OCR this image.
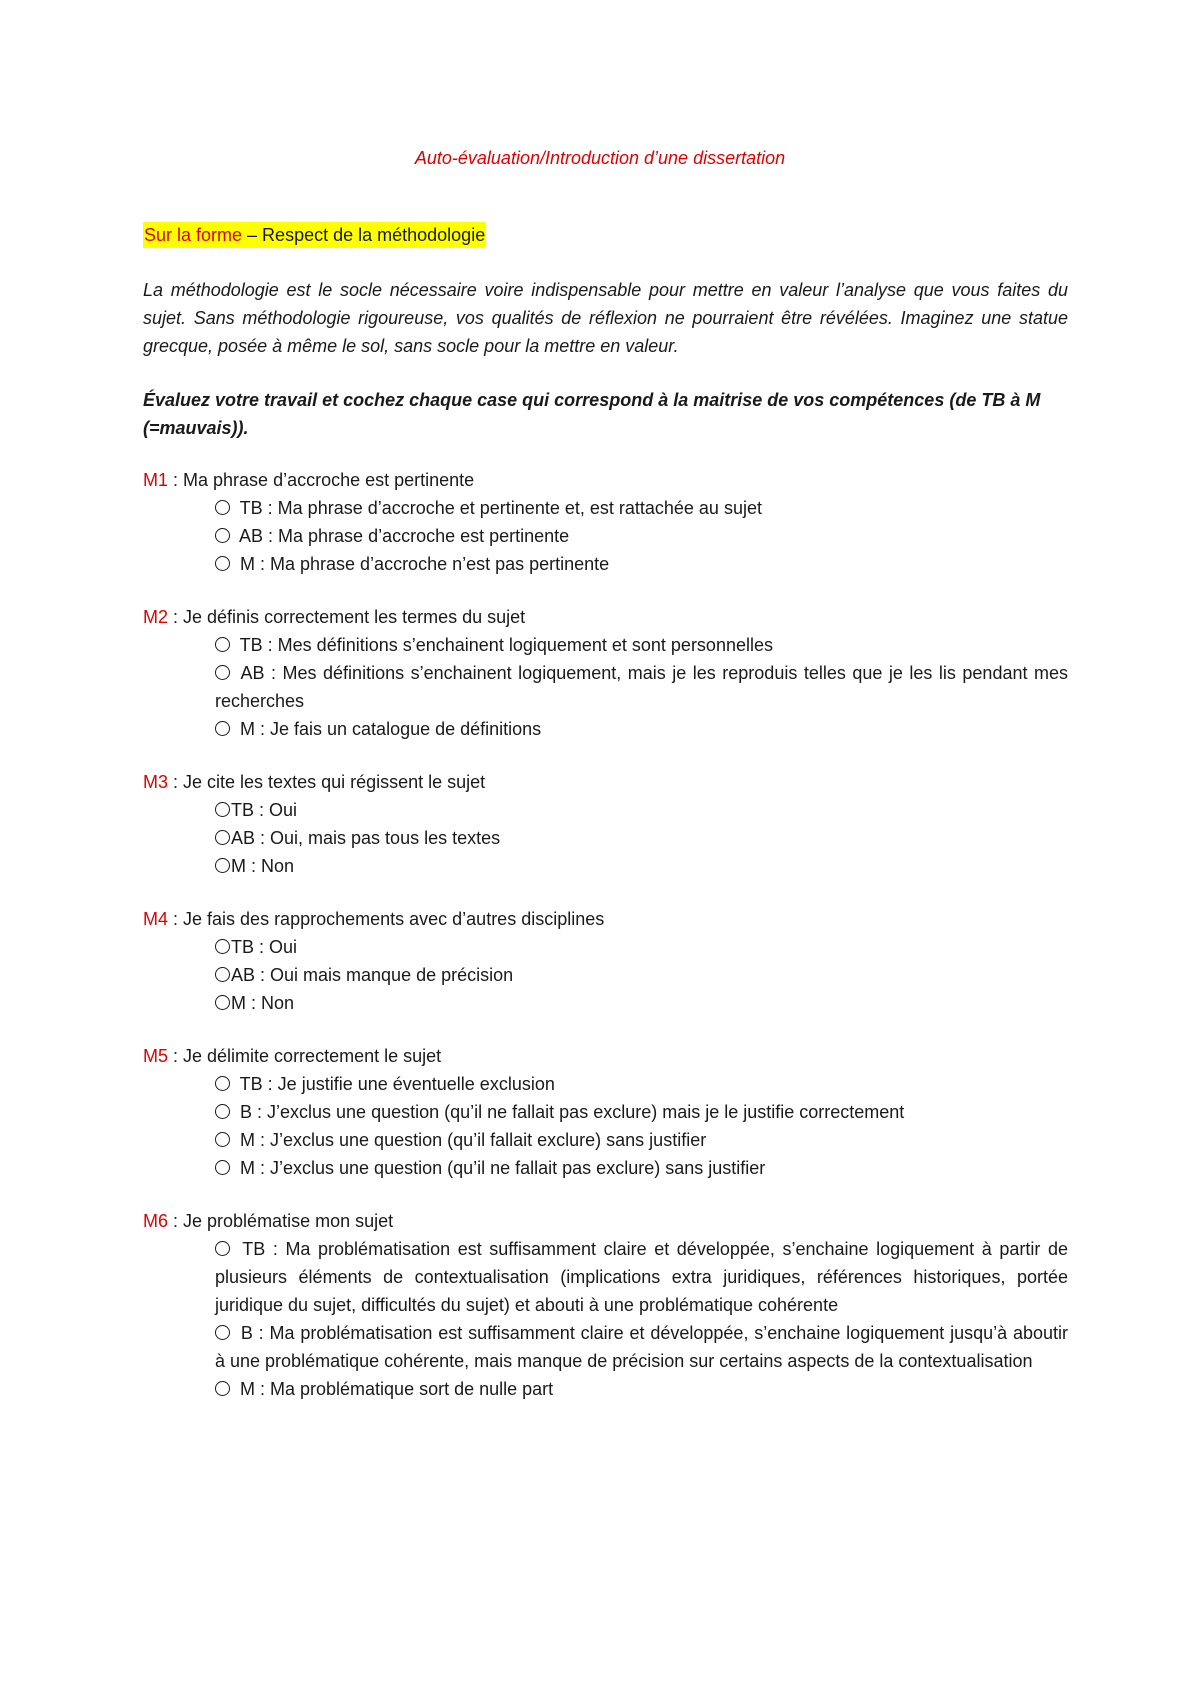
Auto-évaluation/Introduction d’une dissertation
Sur la forme – Respect de la méthodologie
La méthodologie est le socle nécessaire voire indispensable pour mettre en valeur l’analyse que vous faites du sujet. Sans méthodologie rigoureuse, vos qualités de réflexion ne pourraient être révélées. Imaginez une statue grecque, posée à même le sol, sans socle pour la mettre en valeur.
Évaluez votre travail et cochez chaque case qui correspond à la maitrise de vos compétences (de TB à M (=mauvais)).
M1 : Ma phrase d’accroche est pertinente
TB : Ma phrase d’accroche et pertinente et, est rattachée au sujet
AB : Ma phrase d’accroche est pertinente
M : Ma phrase d’accroche n’est pas pertinente
M2 : Je définis correctement les termes du sujet
TB : Mes définitions s’enchainent logiquement et sont personnelles
AB : Mes définitions s’enchainent logiquement, mais je les reproduis telles que je les lis pendant mes recherches
M : Je fais un catalogue de définitions
M3 : Je cite les textes qui régissent le sujet
TB : Oui
AB : Oui, mais pas tous les textes
M : Non
M4 : Je fais des rapprochements avec d’autres disciplines
TB : Oui
AB : Oui mais manque de précision
M : Non
M5 : Je délimite correctement le sujet
TB : Je justifie une éventuelle exclusion
B : J’exclus une question (qu’il ne fallait pas exclure) mais je le justifie correctement
M : J’exclus une question (qu’il fallait exclure) sans justifier
M : J’exclus une question (qu’il ne fallait pas exclure) sans justifier
M6 : Je problématise mon sujet
TB : Ma problématisation est suffisamment claire et développée, s’enchaine logiquement à partir de plusieurs éléments de contextualisation (implications extra juridiques, références historiques, portée juridique du sujet, difficultés du sujet) et abouti à une problématique cohérente
B : Ma problématisation est suffisamment claire et développée, s’enchaine logiquement jusqu’à aboutir à une problématique cohérente, mais manque de précision sur certains aspects de la contextualisation
M : Ma problématique sort de nulle part
